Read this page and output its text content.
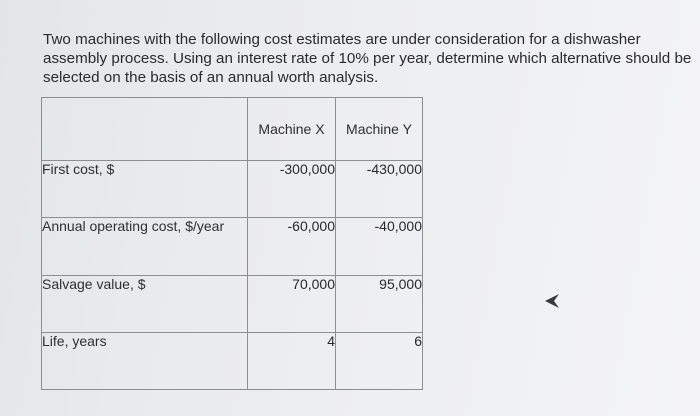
Two machines with the following cost estimates are under consideration for a dishwasher
assembly process. Using an interest rate of 10% per year, determine which alternative should be
selected on the basis of an annual worth analysis.

	Machine X	Machine Y
First cost, $	-300,000	-430,000
Annual operating cost, $/year	-60,000	-40,000
Salvage value, $	70,000	95,000
Life, years	4	6
